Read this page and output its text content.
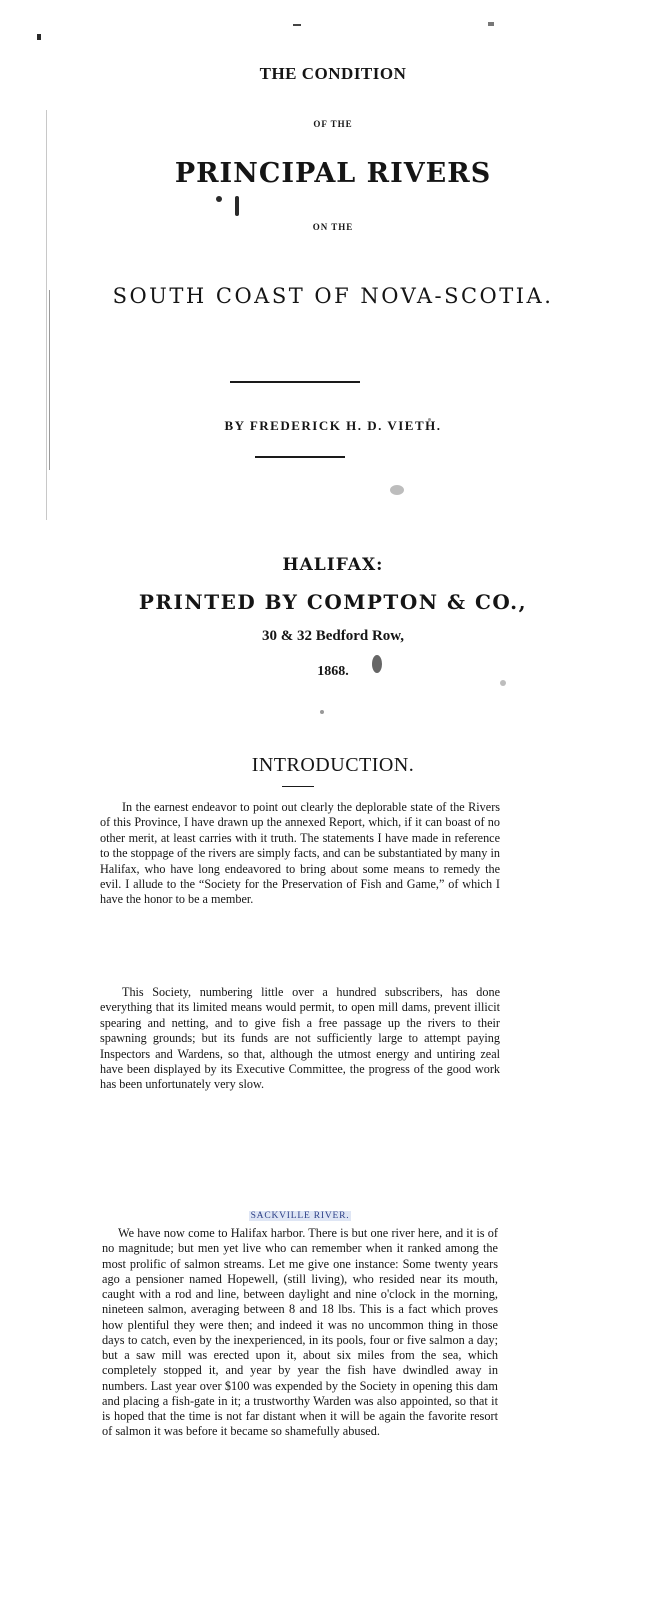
THE CONDITION
OF THE
PRINCIPAL RIVERS
ON THE
SOUTH COAST OF NOVA-SCOTIA.
BY FREDERICK H. D. VIETH.
HALIFAX:
PRINTED BY COMPTON & CO.,
30 & 32 Bedford Row,
1868.
INTRODUCTION.

In the earnest endeavor to point out clearly the deplorable state of the Rivers of this Province, I have drawn up the annexed Report, which, if it can boast of no other merit, at least carries with it truth. The statements I have made in reference to the stoppage of the rivers are simply facts, and can be substantiated by many in Halifax, who have long endeavored to bring about some means to remedy the evil. I allude to the “Society for the Preservation of Fish and Game,” of which I have the honor to be a member.

This Society, numbering little over a hundred subscribers, has done everything that its limited means would permit, to open mill dams, prevent illicit spearing and netting, and to give fish a free passage up the rivers to their spawning grounds; but its funds are not sufficiently large to attempt paying Inspectors and Wardens, so that, although the utmost energy and untiring zeal have been displayed by its Executive Committee, the progress of the good work has been unfortunately very slow.

SACKVILLE RIVER.

We have now come to Halifax harbor. There is but one river here, and it is of no magnitude; but men yet live who can remember when it ranked among the most prolific of salmon streams. Let me give one instance: Some twenty years ago a pensioner named Hopewell, (still living), who resided near its mouth, caught with a rod and line, between daylight and nine o'clock in the morning, nineteen salmon, averaging between 8 and 18 lbs. This is a fact which proves how plentiful they were then; and indeed it was no uncommon thing in those days to catch, even by the inexperienced, in its pools, four or five salmon a day; but a saw mill was erected upon it, about six miles from the sea, which completely stopped it, and year by year the fish have dwindled away in numbers. Last year over $100 was expended by the Society in opening this dam and placing a fish-gate in it; a trustworthy Warden was also appointed, so that it is hoped that the time is not far distant when it will be again the favorite resort of salmon it was before it became so shamefully abused.
